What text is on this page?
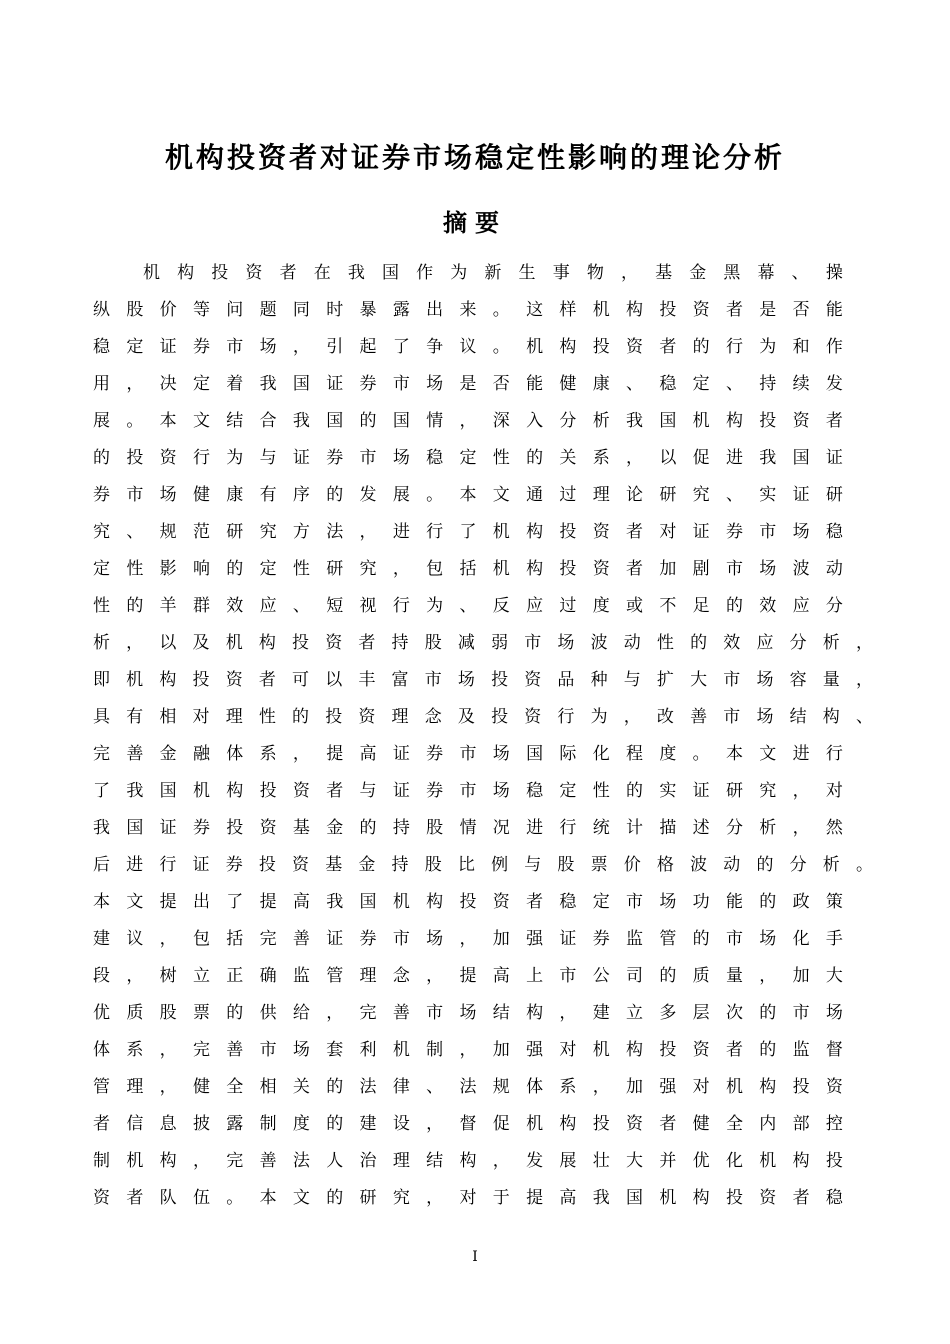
机构投资者对证券市场稳定性影响的理论分析
摘要
机 构 投 资 者 在 我 国 作 为 新 生 事 物 ， 基 金 黑 幕 、 操
纵 股 价 等 问 题 同 时 暴 露 出 来 。 这 样 机 构 投 资 者 是 否 能
稳 定 证 券 市 场 ， 引 起 了 争 议 。 机 构 投 资 者 的 行 为 和 作
用 ， 决 定 着 我 国 证 券 市 场 是 否 能 健 康 、 稳 定 、 持 续 发
展 。 本 文 结 合 我 国 的 国 情 ， 深 入 分 析 我 国 机 构 投 资 者
的 投 资 行 为 与 证 券 市 场 稳 定 性 的 关 系 ， 以 促 进 我 国 证
券 市 场 健 康 有 序 的 发 展 。 本 文 通 过 理 论 研 究 、 实 证 研
究 、 规 范 研 究 方 法 ， 进 行 了 机 构 投 资 者 对 证 券 市 场 稳
定 性 影 响 的 定 性 研 究 ， 包 括 机 构 投 资 者 加 剧 市 场 波 动
性 的 羊 群 效 应 、 短 视 行 为 、 反 应 过 度 或 不 足 的 效 应 分
析 ， 以 及 机 构 投 资 者 持 股 减 弱 市 场 波 动 性 的 效 应 分 析 ，
即 机 构 投 资 者 可 以 丰 富 市 场 投 资 品 种 与 扩 大 市 场 容 量 ，
具 有 相 对 理 性 的 投 资 理 念 及 投 资 行 为 ， 改 善 市 场 结 构 、
完 善 金 融 体 系 ， 提 高 证 券 市 场 国 际 化 程 度 。 本 文 进 行
了 我 国 机 构 投 资 者 与 证 券 市 场 稳 定 性 的 实 证 研 究 ， 对
我 国 证 券 投 资 基 金 的 持 股 情 况 进 行 统 计 描 述 分 析 ， 然
后 进 行 证 券 投 资 基 金 持 股 比 例 与 股 票 价 格 波 动 的 分 析 。
本 文 提 出 了 提 高 我 国 机 构 投 资 者 稳 定 市 场 功 能 的 政 策
建 议 ， 包 括 完 善 证 券 市 场 ， 加 强 证 券 监 管 的 市 场 化 手
段 ， 树 立 正 确 监 管 理 念 ， 提 高 上 市 公 司 的 质 量 ， 加 大
优 质 股 票 的 供 给 ， 完 善 市 场 结 构 ， 建 立 多 层 次 的 市 场
体 系 ， 完 善 市 场 套 利 机 制 ， 加 强 对 机 构 投 资 者 的 监 督
管 理 ， 健 全 相 关 的 法 律 、 法 规 体 系 ， 加 强 对 机 构 投 资
者 信 息 披 露 制 度 的 建 设 ， 督 促 机 构 投 资 者 健 全 内 部 控
制 机 构 ， 完 善 法 人 治 理 结 构 ， 发 展 壮 大 并 优 化 机 构 投
资 者 队 伍 。 本 文 的 研 究 ， 对 于 提 高 我 国 机 构 投 资 者 稳
I
